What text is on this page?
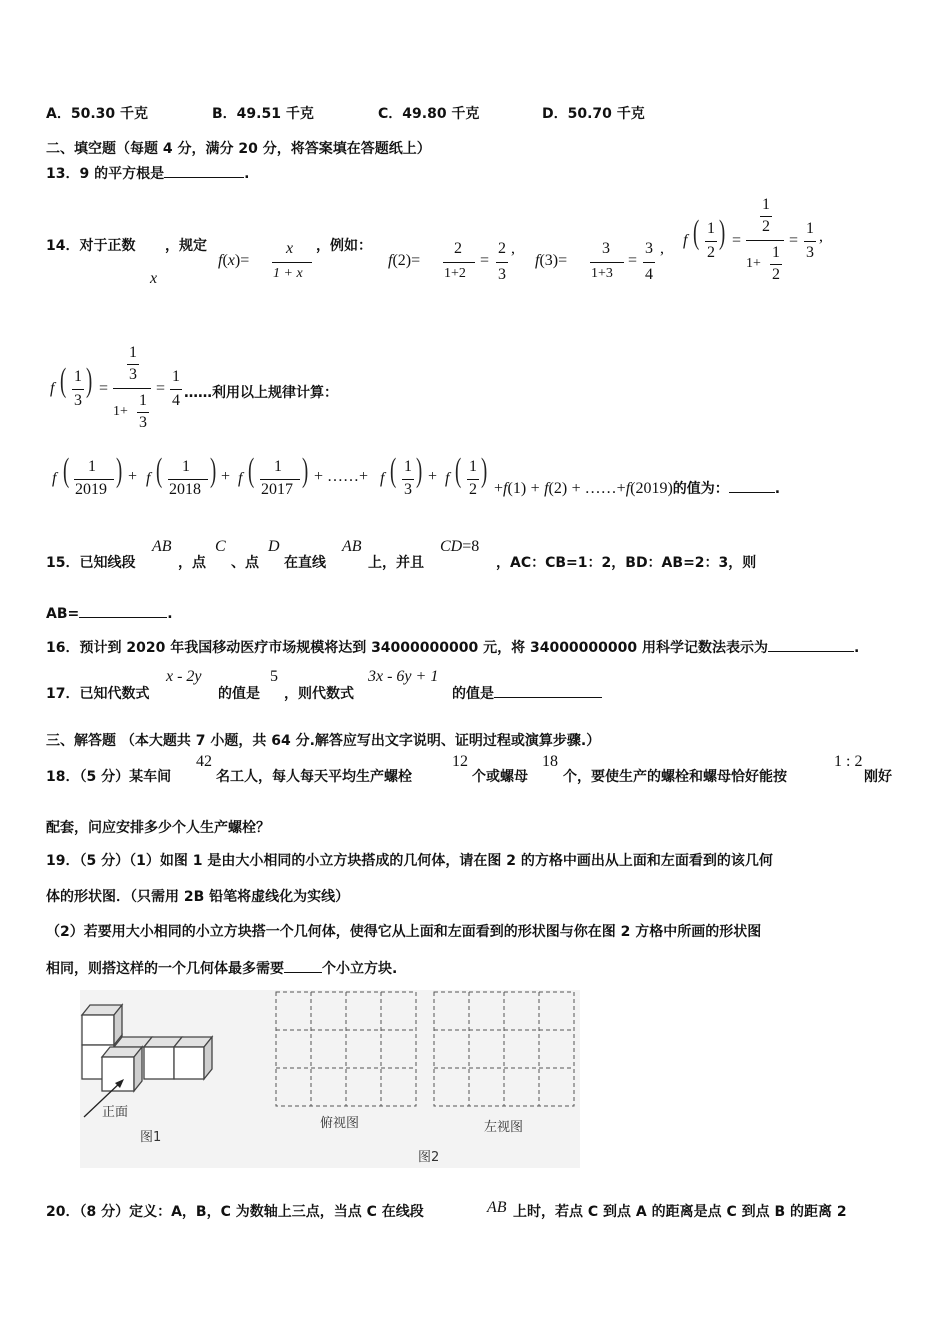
A．50.30 千克	B．49.51 千克	C．49.80 千克	D．50.70 千克
二、填空题（每题 4 分，满分 20 分，将答案填在答题纸上）
13．9 的平方根是	.
14．对于正数
x
，规定
f(x)=
x
1 + x
，例如：
f(2)=
2
1+2
=
2
3
,
f(3)=
3
1+3
=
3
4
, f ( 1
2
) =
1
2
1+
1
2
=
1
3
,
f ( 1
3
) =
1
3
1+
1
3
=
1
4 ……利用以上规律计算：
f ( 1
2019
) + f ( 1
2018
) + f ( 1
2017
) + ……+ f ( 1
3
) + f ( 1
2
) +f(1) + f(2) + ……+f(2019)的值为：	.
15．已知线段
AB
，点
C
、点
D
在直线
AB
上，并且
CD=8
，AC：CB=1：2，BD：AB=2：3，则
AB=	.
16．预计到 2020 年我国移动医疗市场规模将达到 34000000000 元，将 34000000000 用科学记数法表示为	.
17．已知代数式
x - 2y
的值是
5
，则代数式
3x - 6y + 1
的值是
三、解答题 （本大题共 7 小题，共 64 分.解答应写出文字说明、证明过程或演算步骤.）
18．（5 分）某车间
42
名工人，每人每天平均生产螺栓
12
个或螺母
18
个，要使生产的螺栓和螺母恰好能按
1 : 2
刚好
配套，问应安排多少个人生产螺栓？
19．（5 分）（1）如图 1 是由大小相同的小立方块搭成的几何体，请在图 2 的方格中画出从上面和左面看到的该几何
体的形状图．（只需用 2B 铅笔将虚线化为实线）
（2）若要用大小相同的小立方块搭一个几何体，使得它从上面和左面看到的形状图与你在图 2 方格中所画的形状图
相同，则搭这样的一个几何体最多需要	个小立方块.
正面
图1
俯视图	左视图
图2
20．（8 分）定义：A，B，C 为数轴上三点，当点 C 在线段	AB 上时，若点 C 到点 A 的距离是点 C 到点 B 的距离 2
